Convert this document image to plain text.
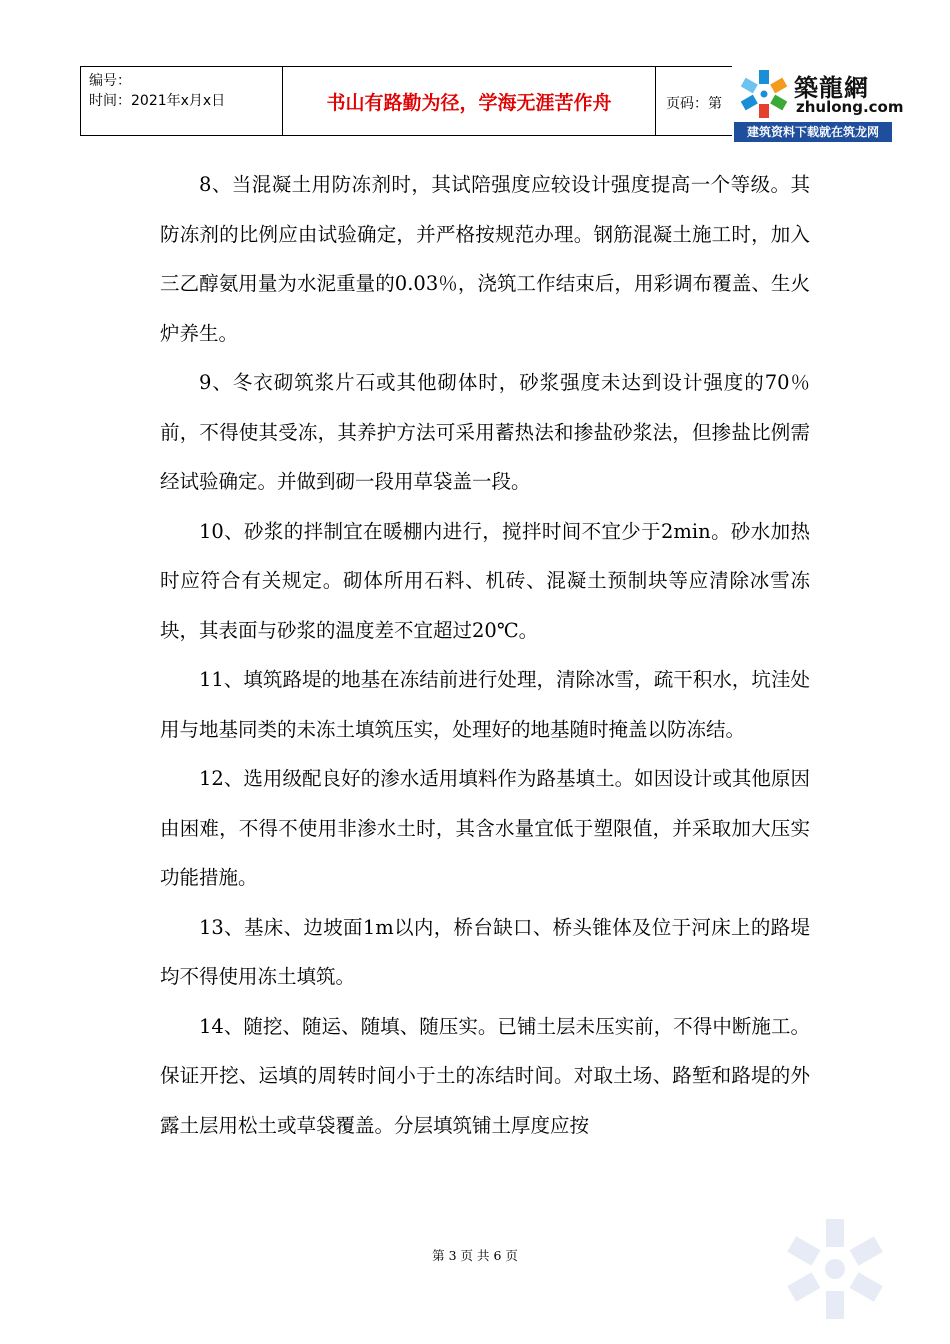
编号：
时间：2021年x月x日	书山有路勤为径，学海无涯苦作舟	页码：第
築龍網
zhulong.com
建筑资料下载就在筑龙网

8、当混凝土用防冻剂时，其试陪强度应较设计强度提高一个等级。其防冻剂的比例应由试验确定，并严格按规范办理。钢筋混凝土施工时，加入三乙醇氨用量为水泥重量的0.03％，浇筑工作结束后，用彩调布覆盖、生火炉养生。

9、冬衣砌筑浆片石或其他砌体时，砂浆强度未达到设计强度的70％前，不得使其受冻，其养护方法可采用蓄热法和掺盐砂浆法，但掺盐比例需经试验确定。并做到砌一段用草袋盖一段。

10、砂浆的拌制宜在暖棚内进行，搅拌时间不宜少于2min。砂水加热时应符合有关规定。砌体所用石料、机砖、混凝土预制块等应清除冰雪冻块，其表面与砂浆的温度差不宜超过20℃。

11、填筑路堤的地基在冻结前进行处理，清除冰雪，疏干积水，坑洼处用与地基同类的未冻土填筑压实，处理好的地基随时掩盖以防冻结。

12、选用级配良好的渗水适用填料作为路基填土。如因设计或其他原因由困难，不得不使用非渗水土时，其含水量宜低于塑限值，并采取加大压实功能措施。

13、基床、边坡面1m以内，桥台缺口、桥头锥体及位于河床上的路堤均不得使用冻土填筑。

14、随挖、随运、随填、随压实。已铺土层未压实前，不得中断施工。保证开挖、运填的周转时间小于土的冻结时间。对取土场、路堑和路堤的外露土层用松土或草袋覆盖。分层填筑铺土厚度应按

第 3 页 共 6 页
